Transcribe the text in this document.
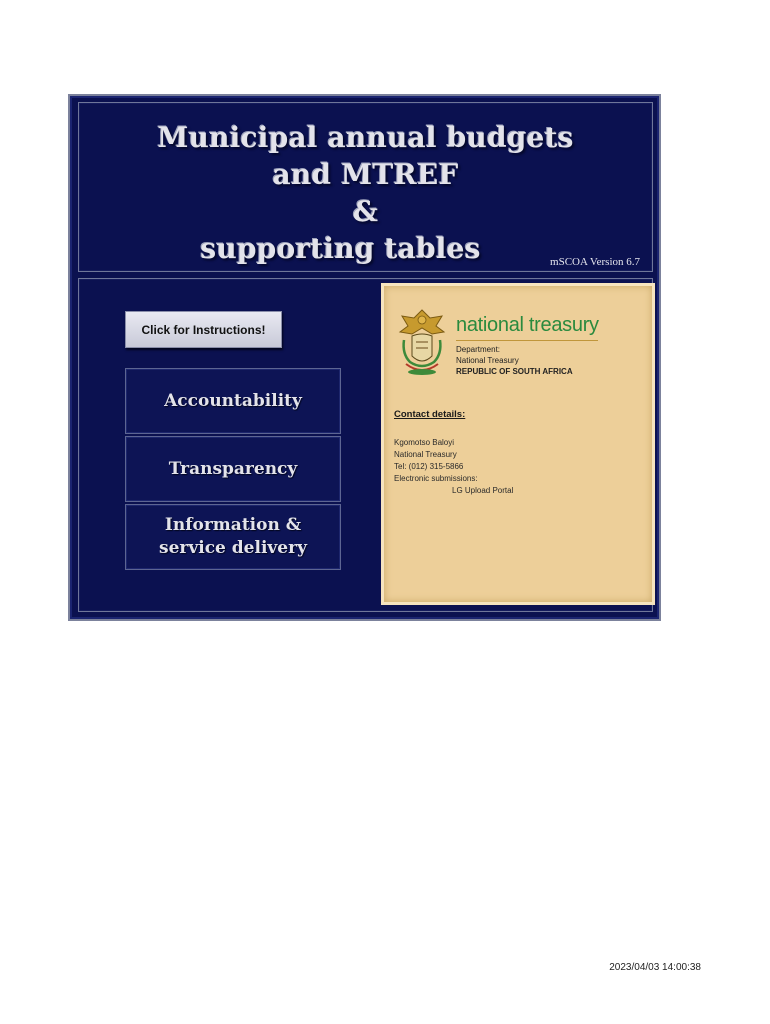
Municipal annual budgets
and MTREF
&
supporting tables	mSCOA Version 6.7
Click for Instructions!
Accountability
Transparency
Information &
service delivery
national treasury
Department:
National Treasury
REPUBLIC OF SOUTH AFRICA
Contact details:
Kgomotso Baloyi
National Treasury
Tel: (012) 315-5866
Electronic submissions:
LG Upload Portal
2023/04/03 14:00:38
